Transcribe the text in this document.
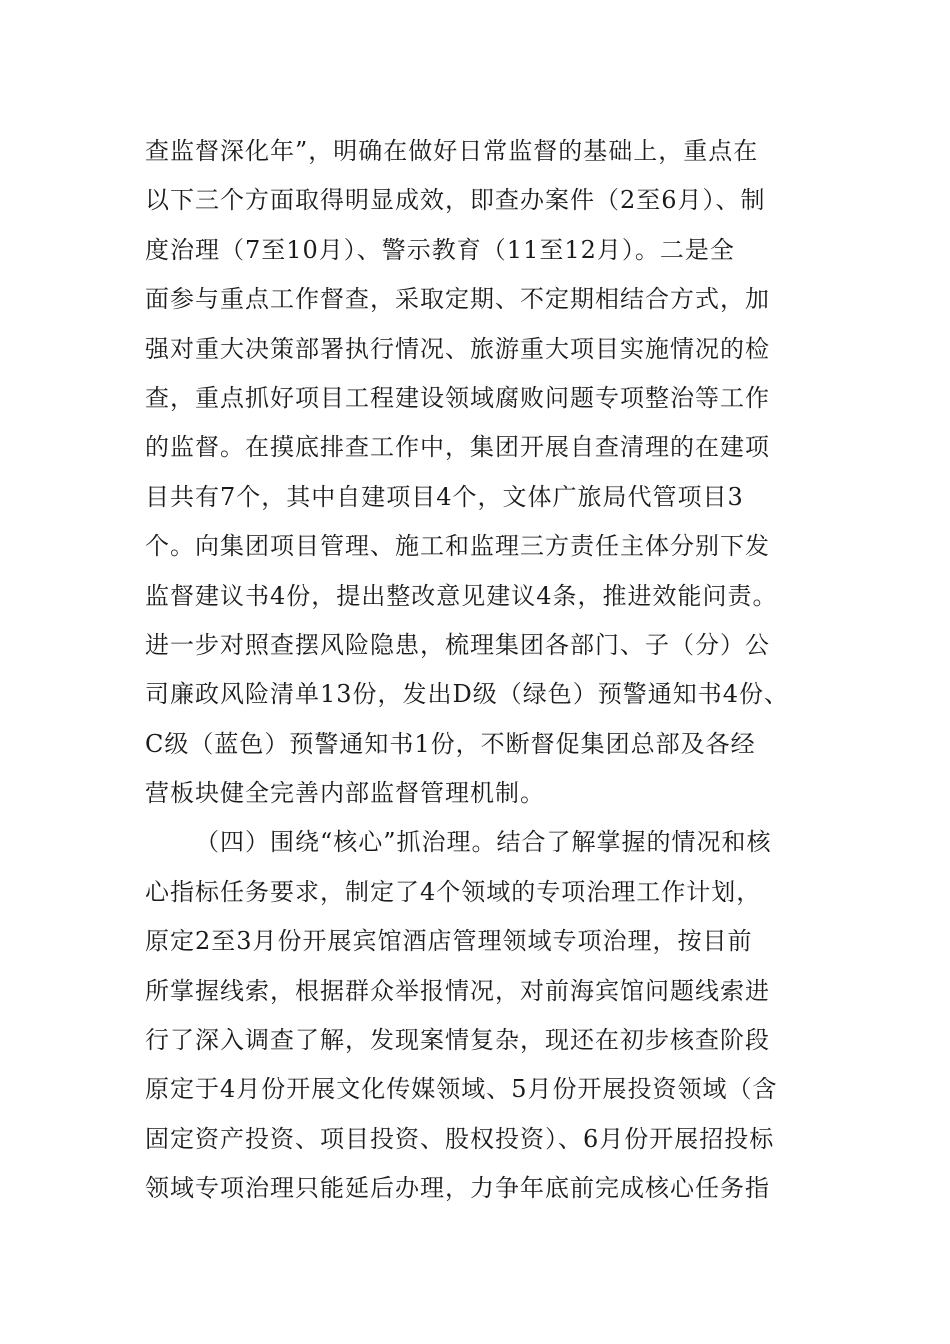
查监督深化年”，明确在做好日常监督的基础上，重点在
以下三个方面取得明显成效，即查办案件（2至6月）、制
度治理（7至10月）、警示教育（11至12月）。二是全
面参与重点工作督查，采取定期、不定期相结合方式，加
强对重大决策部署执行情况、旅游重大项目实施情况的检
查，重点抓好项目工程建设领域腐败问题专项整治等工作
的监督。在摸底排查工作中，集团开展自查清理的在建项
目共有7个，其中自建项目4个，文体广旅局代管项目3
个。向集团项目管理、施工和监理三方责任主体分别下发
监督建议书4份，提出整改意见建议4条，推进效能问责。
进一步对照查摆风险隐患，梳理集团各部门、子（分）公
司廉政风险清单13份，发出D级（绿色）预警通知书4份、
C级（蓝色）预警通知书1份，不断督促集团总部及各经
营板块健全完善内部监督管理机制。
（四）围绕“核心”抓治理。结合了解掌握的情况和核
心指标任务要求，制定了4个领域的专项治理工作计划，
原定2至3月份开展宾馆酒店管理领域专项治理，按目前
所掌握线索，根据群众举报情况，对前海宾馆问题线索进
行了深入调查了解，发现案情复杂，现还在初步核查阶段
原定于4月份开展文化传媒领域、5月份开展投资领域（含
固定资产投资、项目投资、股权投资）、6月份开展招投标
领域专项治理只能延后办理，力争年底前完成核心任务指
